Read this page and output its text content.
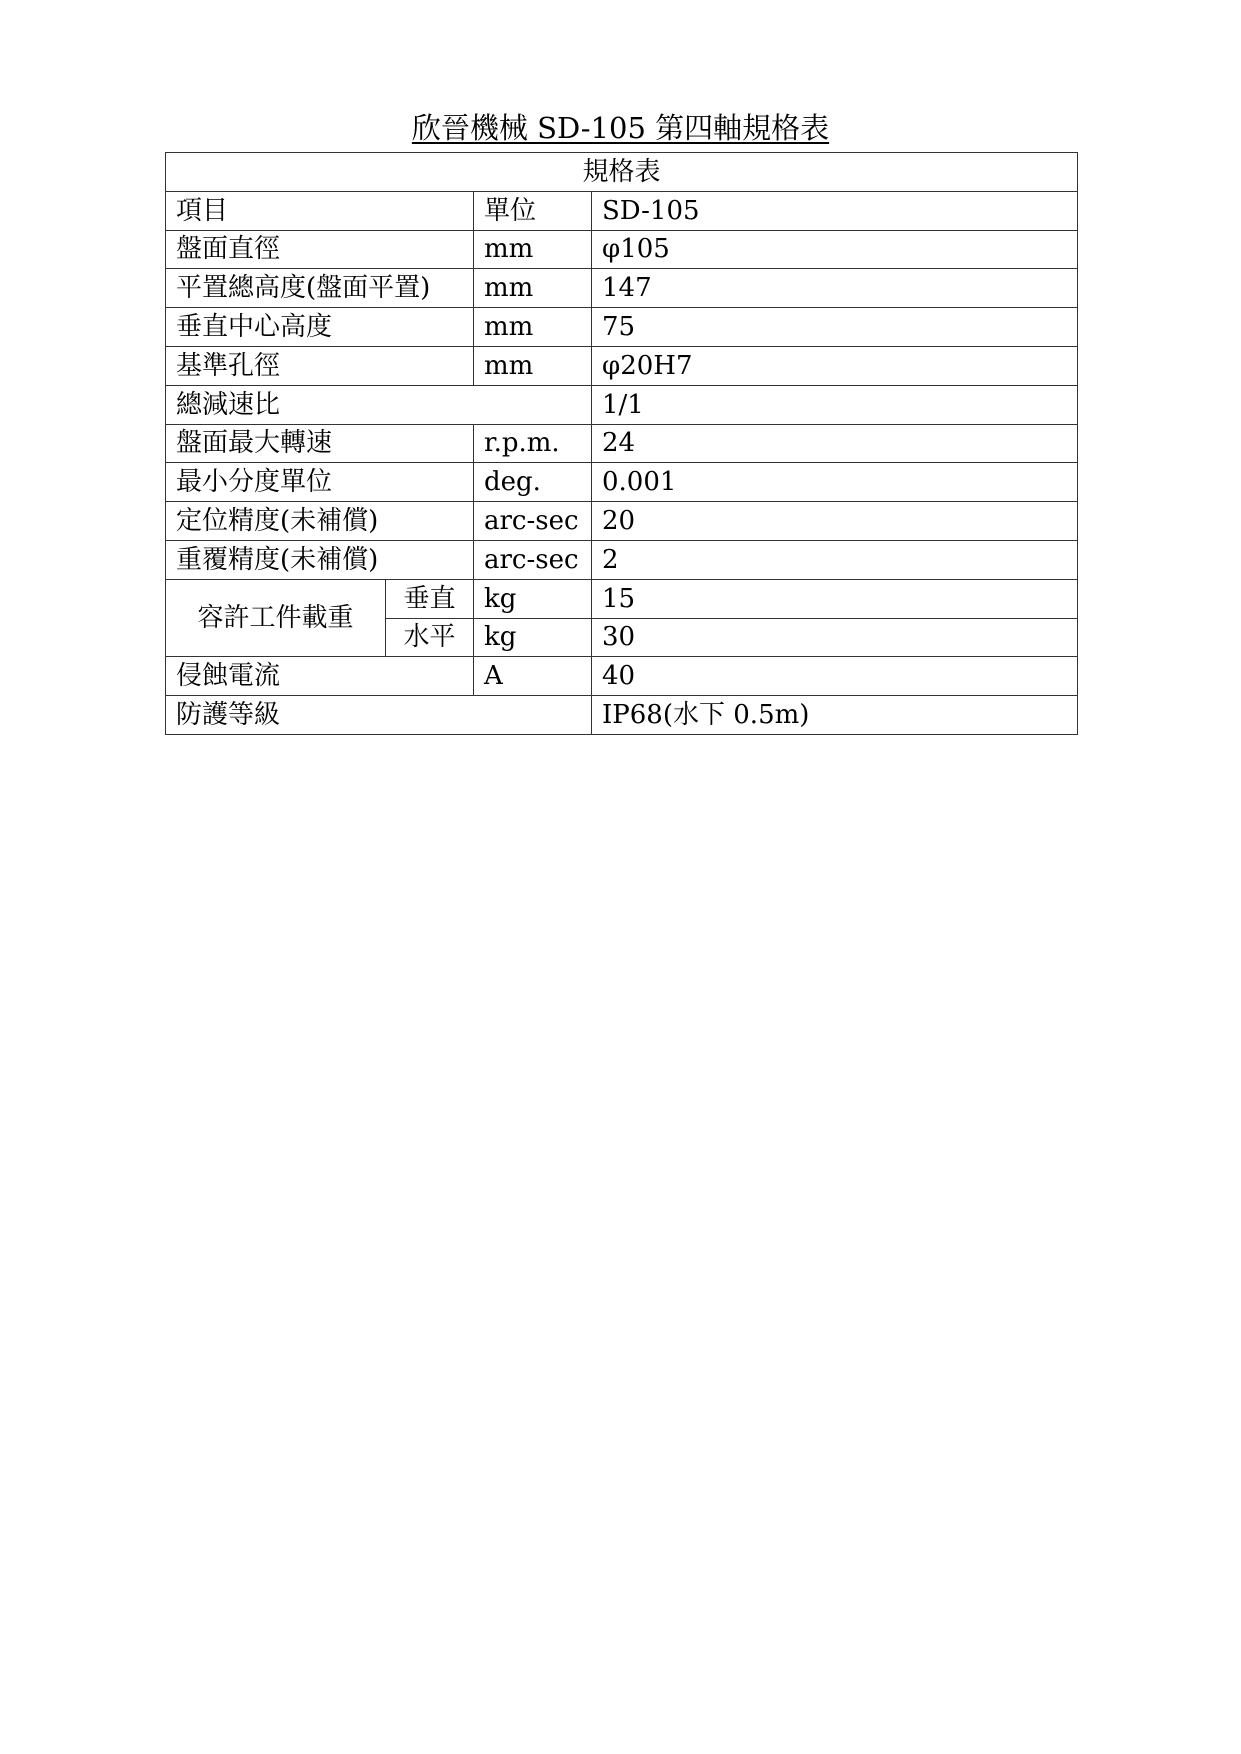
欣晉機械 SD-105 第四軸規格表
規格表			
項目		單位	SD-105
盤面直徑		mm	φ105
平置總高度(盤面平置)		mm	147
垂直中心高度		mm	75
基準孔徑		mm	φ20H7
總減速比			1/1
盤面最大轉速		r.p.m.	24
最小分度單位		deg.	0.001
定位精度(未補償)		arc-sec	20
重覆精度(未補償)		arc-sec	2
容許工件載重	垂直	kg	15
	水平	kg	30
侵蝕電流		A	40
防護等級			IP68(水下 0.5m)
